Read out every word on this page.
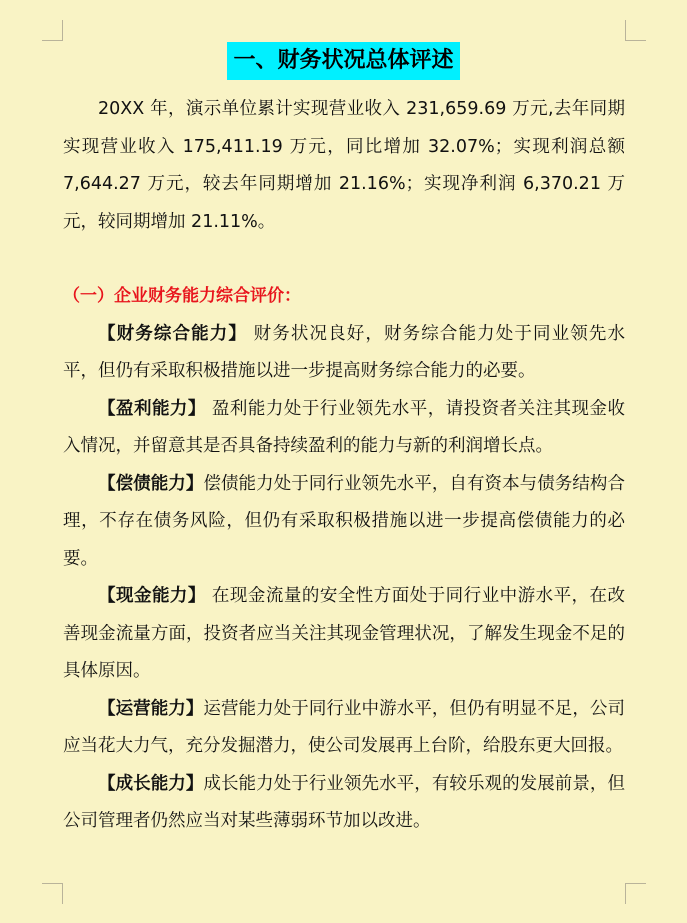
一、财务状况总体评述

20XX 年，演示单位累计实现营业收入 231,659.69 万元,去年同期实现营业收入 175,411.19 万元，同比增加 32.07%；实现利润总额 7,644.27 万元，较去年同期增加 21.16%；实现净利润 6,370.21 万元，较同期增加 21.11%。

（一）企业财务能力综合评价：

【财务综合能力】 财务状况良好，财务综合能力处于同业领先水平，但仍有采取积极措施以进一步提高财务综合能力的必要。

【盈利能力】 盈利能力处于行业领先水平，请投资者关注其现金收入情况，并留意其是否具备持续盈利的能力与新的利润增长点。

【偿债能力】偿债能力处于同行业领先水平，自有资本与债务结构合理，不存在债务风险，但仍有采取积极措施以进一步提高偿债能力的必要。

【现金能力】 在现金流量的安全性方面处于同行业中游水平，在改善现金流量方面，投资者应当关注其现金管理状况，了解发生现金不足的具体原因。

【运营能力】运营能力处于同行业中游水平，但仍有明显不足，公司应当花大力气，充分发掘潜力，使公司发展再上台阶，给股东更大回报。

【成长能力】成长能力处于行业领先水平，有较乐观的发展前景，但公司管理者仍然应当对某些薄弱环节加以改进。
